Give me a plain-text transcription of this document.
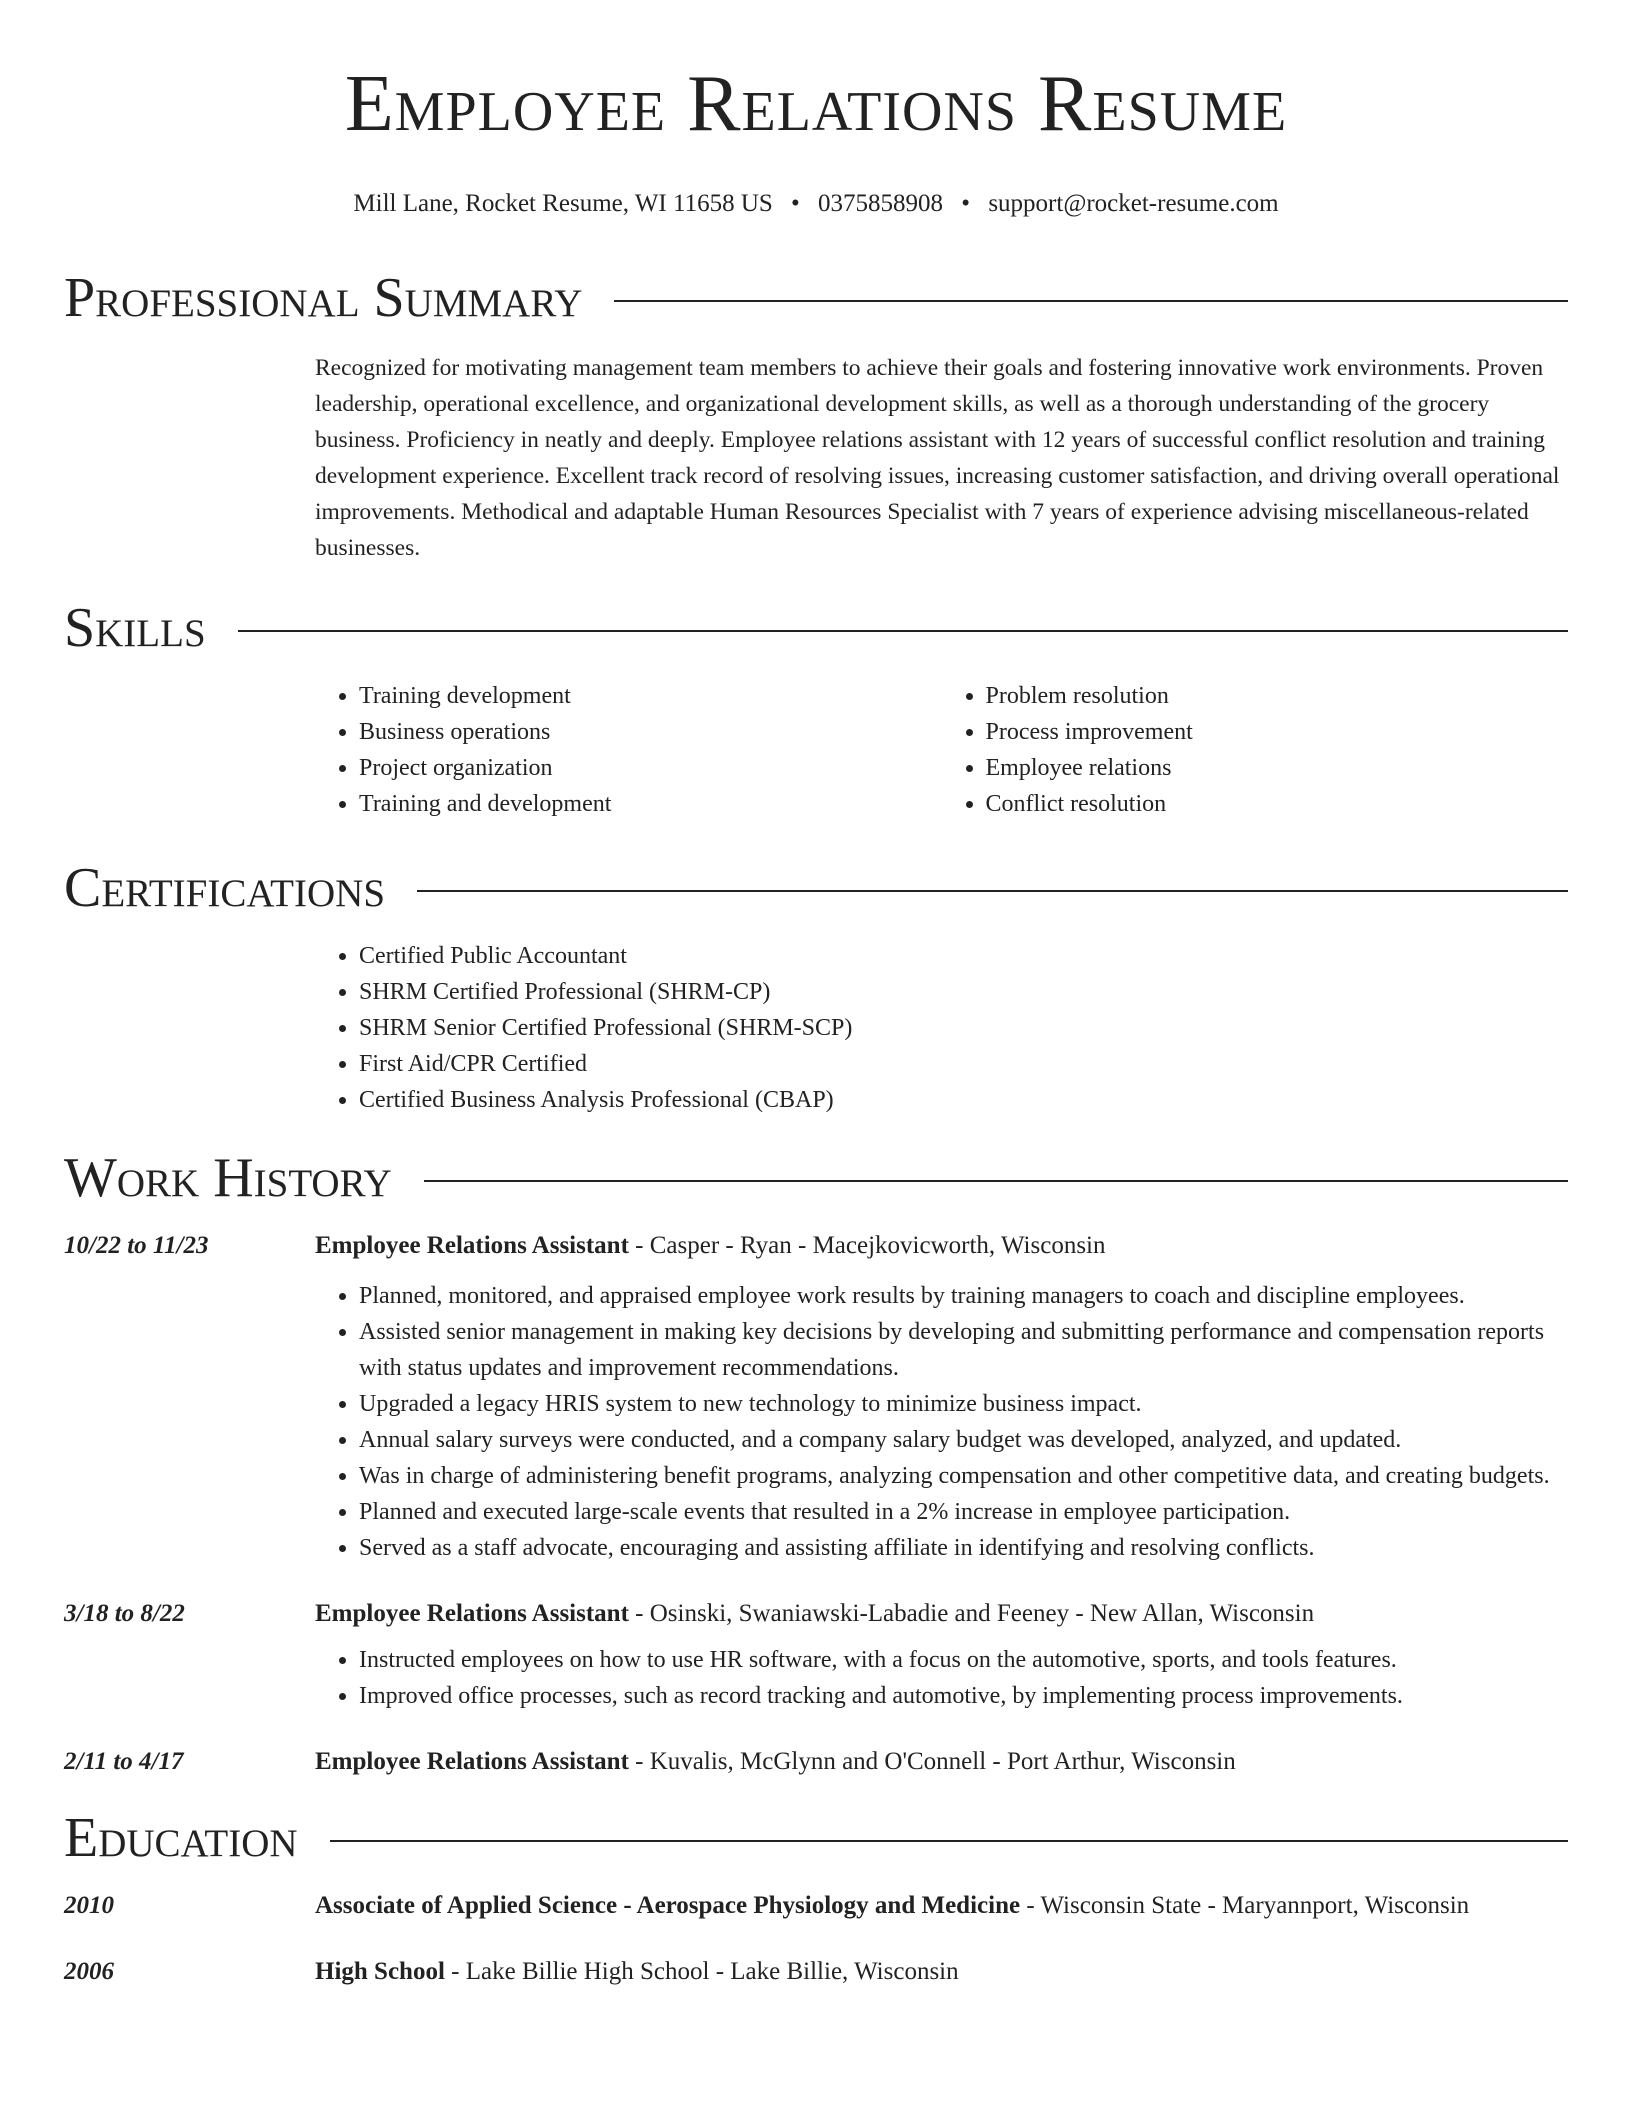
Employee Relations Resume
Mill Lane, Rocket Resume, WI 11658 US • 0375858908 • support@rocket-resume.com
Professional Summary
Recognized for motivating management team members to achieve their goals and fostering innovative work environments. Proven leadership, operational excellence, and organizational development skills, as well as a thorough understanding of the grocery business. Proficiency in neatly and deeply. Employee relations assistant with 12 years of successful conflict resolution and training development experience. Excellent track record of resolving issues, increasing customer satisfaction, and driving overall operational improvements. Methodical and adaptable Human Resources Specialist with 7 years of experience advising miscellaneous-related businesses.
Skills
• Training development
• Business operations
• Project organization
• Training and development
• Problem resolution
• Process improvement
• Employee relations
• Conflict resolution
Certifications
• Certified Public Accountant
• SHRM Certified Professional (SHRM-CP)
• SHRM Senior Certified Professional (SHRM-SCP)
• First Aid/CPR Certified
• Certified Business Analysis Professional (CBAP)
Work History
10/22 to 11/23	Employee Relations Assistant - Casper - Ryan - Macejkovicworth, Wisconsin
• Planned, monitored, and appraised employee work results by training managers to coach and discipline employees.
• Assisted senior management in making key decisions by developing and submitting performance and compensation reports with status updates and improvement recommendations.
• Upgraded a legacy HRIS system to new technology to minimize business impact.
• Annual salary surveys were conducted, and a company salary budget was developed, analyzed, and updated.
• Was in charge of administering benefit programs, analyzing compensation and other competitive data, and creating budgets.
• Planned and executed large-scale events that resulted in a 2% increase in employee participation.
• Served as a staff advocate, encouraging and assisting affiliate in identifying and resolving conflicts.
3/18 to 8/22	Employee Relations Assistant - Osinski, Swaniawski-Labadie and Feeney - New Allan, Wisconsin
• Instructed employees on how to use HR software, with a focus on the automotive, sports, and tools features.
• Improved office processes, such as record tracking and automotive, by implementing process improvements.
2/11 to 4/17	Employee Relations Assistant - Kuvalis, McGlynn and O'Connell - Port Arthur, Wisconsin
Education
2010	Associate of Applied Science - Aerospace Physiology and Medicine - Wisconsin State - Maryannport, Wisconsin
2006	High School - Lake Billie High School - Lake Billie, Wisconsin
